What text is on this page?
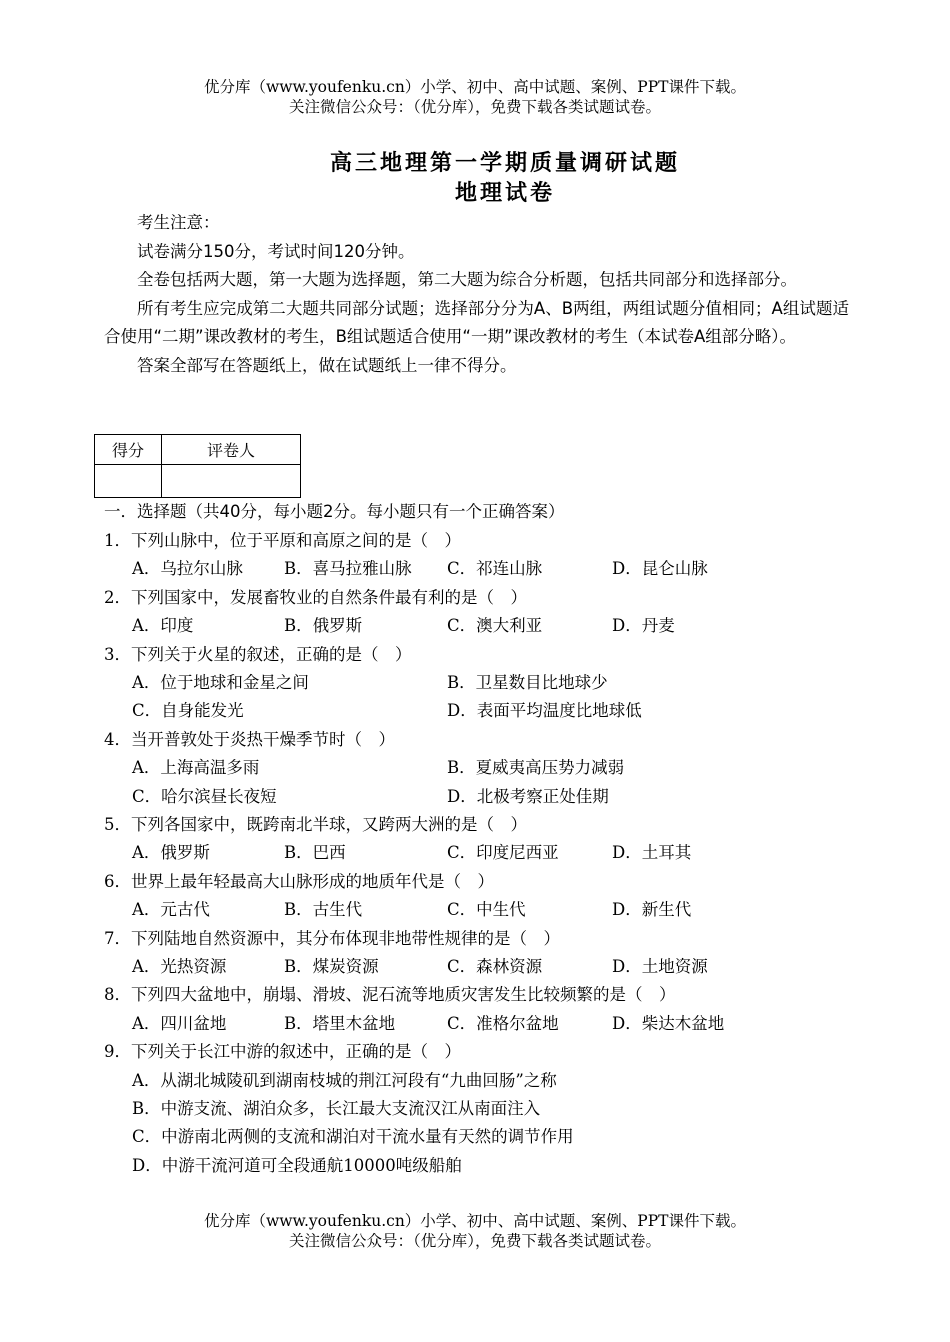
优分库（www.youfenku.cn）小学、初中、高中试题、案例、PPT课件下载。
关注微信公众号：（优分库），免费下载各类试题试卷。
高三地理第一学期质量调研试题
地理试卷

考生注意：

试卷满分150分，考试时间120分钟。

全卷包括两大题，第一大题为选择题，第二大题为综合分析题，包括共同部分和选择部分。

所有考生应完成第二大题共同部分试题；选择部分分为A、B两组，两组试题分值相同；A组试题适合使用“二期”课改教材的考生，B组试题适合使用“一期”课改教材的考生（本试卷A组部分略）。

答案全部写在答题纸上，做在试题纸上一律不得分。

得分	评卷人

一．选择题（共40分，每小题2分。每小题只有一个正确答案）

1．下列山脉中，位于平原和高原之间的是（　）

A．乌拉尔山脉 B．喜马拉雅山脉 C．祁连山脉	D．昆仑山脉

2．下列国家中，发展畜牧业的自然条件最有利的是（　）

A．印度	B．俄罗斯	C．澳大利亚	D．丹麦

3．下列关于火星的叙述，正确的是（　）

A．位于地球和金星之间	B．卫星数目比地球少
C．自身能发光	D．表面平均温度比地球低

4．当开普敦处于炎热干燥季节时（　）

A．上海高温多雨	B．夏威夷高压势力减弱
C．哈尔滨昼长夜短	D．北极考察正处佳期

5．下列各国家中，既跨南北半球，又跨两大洲的是（　）

A．俄罗斯	B．巴西	C．印度尼西亚	D．土耳其

6．世界上最年轻最高大山脉形成的地质年代是（　）

A．元古代	B．古生代	C．中生代	D．新生代

7．下列陆地自然资源中，其分布体现非地带性规律的是（　）

A．光热资源	B．煤炭资源	C．森林资源	D．土地资源

8．下列四大盆地中，崩塌、滑坡、泥石流等地质灾害发生比较频繁的是（　）

A．四川盆地	B．塔里木盆地	C．准格尔盆地	D．柴达木盆地

9．下列关于长江中游的叙述中，正确的是（　）

A．从湖北城陵矶到湖南枝城的荆江河段有“九曲回肠”之称

B．中游支流、湖泊众多，长江最大支流汉江从南面注入

C．中游南北两侧的支流和湖泊对干流水量有天然的调节作用

D．中游干流河道可全段通航10000吨级船舶

优分库（www.youfenku.cn）小学、初中、高中试题、案例、PPT课件下载。
关注微信公众号：（优分库），免费下载各类试题试卷。
